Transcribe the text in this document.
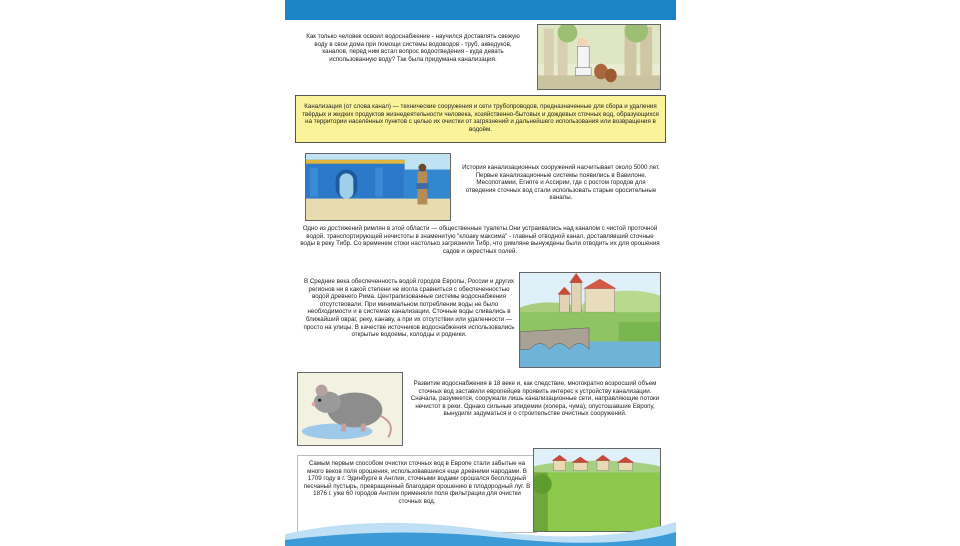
Как только человек освоил водоснабжение - научился доставлять свежую воду в свои дома при помощи системы водоводов - труб, акведуков, каналов, перед ним встал вопрос водоотведения - куда девать использованную воду? Так была придумана канализация.
Канализация (от слова канал) — технические сооружения и сети трубопроводов, предназначенные для сбора и удаления твёрдых и жидких продуктов жизнедеятельности человека, хозяйственно-бытовых и дождевых сточных вод, образующихся на территории населённых пунктов с целью их очистки от загрязнений и дальнейшего использования или возвращения в водоём.
История канализационных сооружений насчитывает около 5000 лет. Первые канализационные системы появились в Вавилоне, Месопотамии, Египте и Ассирии, где с ростом городов для отведения сточных вод стали использовать старые оросительные каналы.
Одно из достижений римлян в этой области — общественные туалеты.Они устраивались над каналом с чистой проточной водой, транспортирующей нечистоты в знаменитую "клоаку максима" - главный отводной канал, доставлявший сточные воды в реку Тибр. Со временем стоки настолько загрязнили Тибр, что римляне вынуждены были отводить их для орошения садов и окрестных полей.
В Средние века обеспеченность водой городов Европы, России и других регионов ни в какой степени не могла сравниться с обеспеченностью водой древнего Рима. Централизованные системы водоснабжения отсутствовали. При минимальном потреблении воды не было необходимости и в системах канализации. Сточные воды сливались в ближайший овраг, реку, канаву, а при их отсутствии или удаленности — просто на улицы. В качестве источников водоснабжения использовались открытые водоемы, колодцы и родники.
Развитие водоснабжения в 18 веке и, как следствие, многократно возросший объем сточных вод заставили европейцев проявить интерес к устройству канализации. Сначала, разумеется, сооружали лишь канализационные сети, направляющие потоки нечистот в реки. Однако сильные эпидемии (холера, чума), опустошавшие Европу, вынудили задуматься и о строительстве очистных сооружений.
Самым первым способом очистки сточных вод в Европе стали забытые на много веков поля орошения, использовавшиеся еще древними народами. В 1709 году в г. Эдинбурге в Англии, сточными водами орошался бесплодный песчаный пустырь, превращенный благодаря орошению в плодородный луг. В 1876 г. уже 60 городов Англии применяли поля фильтрации для очистки сточных вод.
